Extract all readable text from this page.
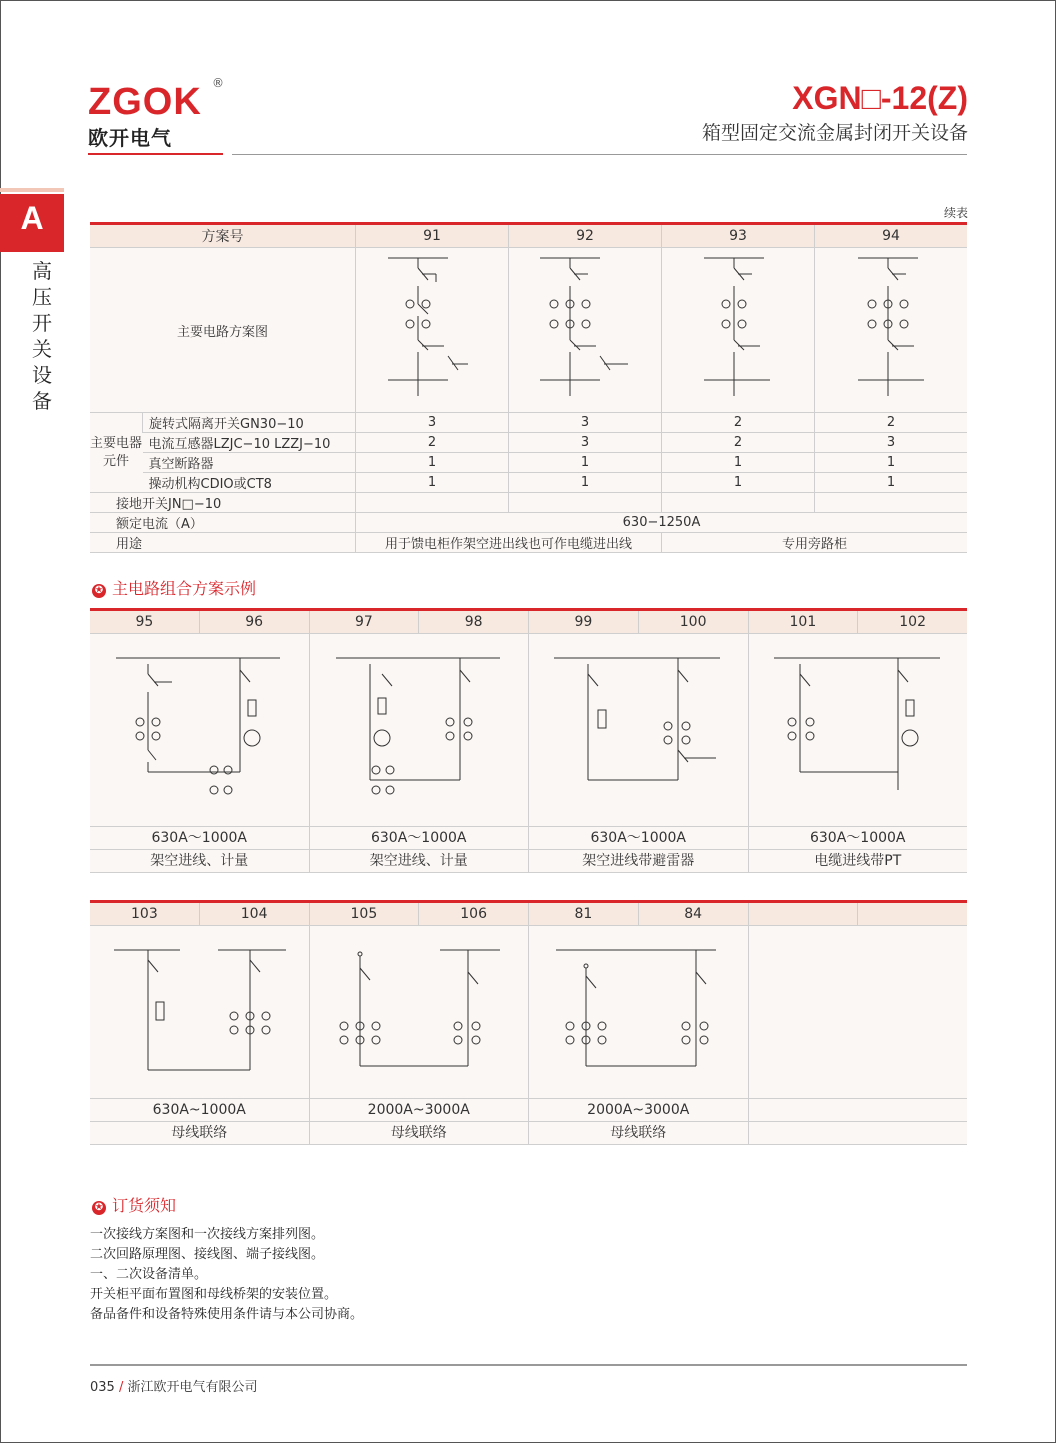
ZGOK ®
欧开电气
XGN□-12(Z)
箱型固定交流金属封闭开关设备
A
高压开关设备
续表
方案号		91	92	93	94
主要电路方案图					
主要电器元件	旋转式隔离开关GN30−10	3	3	2	2
	电流互感器LZJC−10 LZZJ−10	2	3	2	3
	真空断路器	1	1	1	1
	操动机构CDIO或CT8	1	1	1	1
接地开关JN□−10					
额定电流（A）		630−1250A			
用途		用于馈电柜作架空进出线也可作电缆进出线		专用旁路柜	
✪ 主电路组合方案示例
95	96	97	98	99	100	101	102
630A～1000A	630A～1000A	630A～1000A	630A～1000A
架空进线、计量	架空进线、计量	架空进线带避雷器	电缆进线带PT
103	104	105	106	81	84
630A~1000A	2000A~3000A	2000A~3000A
母线联络	母线联络	母线联络
✪ 订货须知
一次接线方案图和一次接线方案排列图。
二次回路原理图、接线图、端子接线图。
一、二次设备清单。
开关柜平面布置图和母线桥架的安装位置。
备品备件和设备特殊使用条件请与本公司协商。
035 / 浙江欧开电气有限公司
